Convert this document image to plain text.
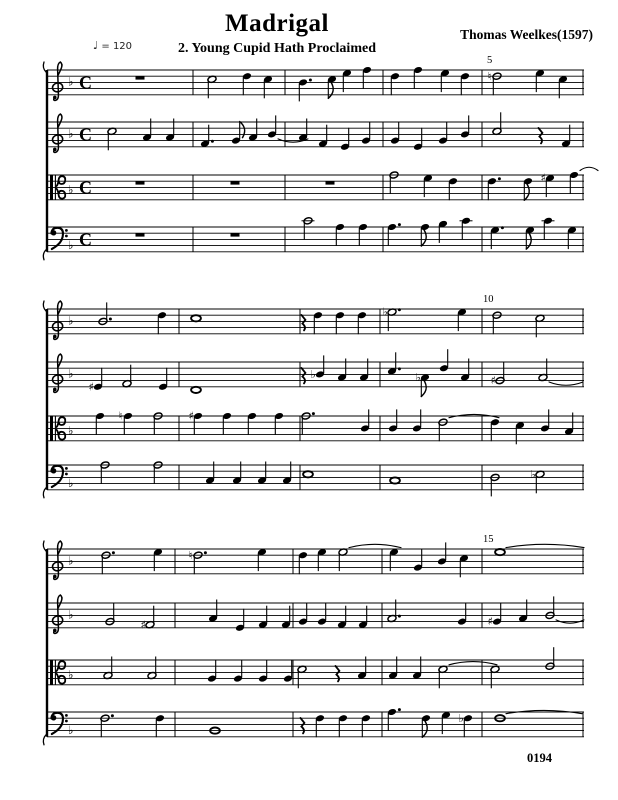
Madrigal
2. Young Cupid Hath Proclaimed
Thomas Weelkes(1597)
♩ = 120
5
♭ C	♮
♭ C
♭ C	♯
♭ C
10
♭
♭
♭
♯
♭	♭	♯
♭
♮	♯
♭
♭
15
♭	♮
♭
♯	♯
♭
♭
♭
0194
